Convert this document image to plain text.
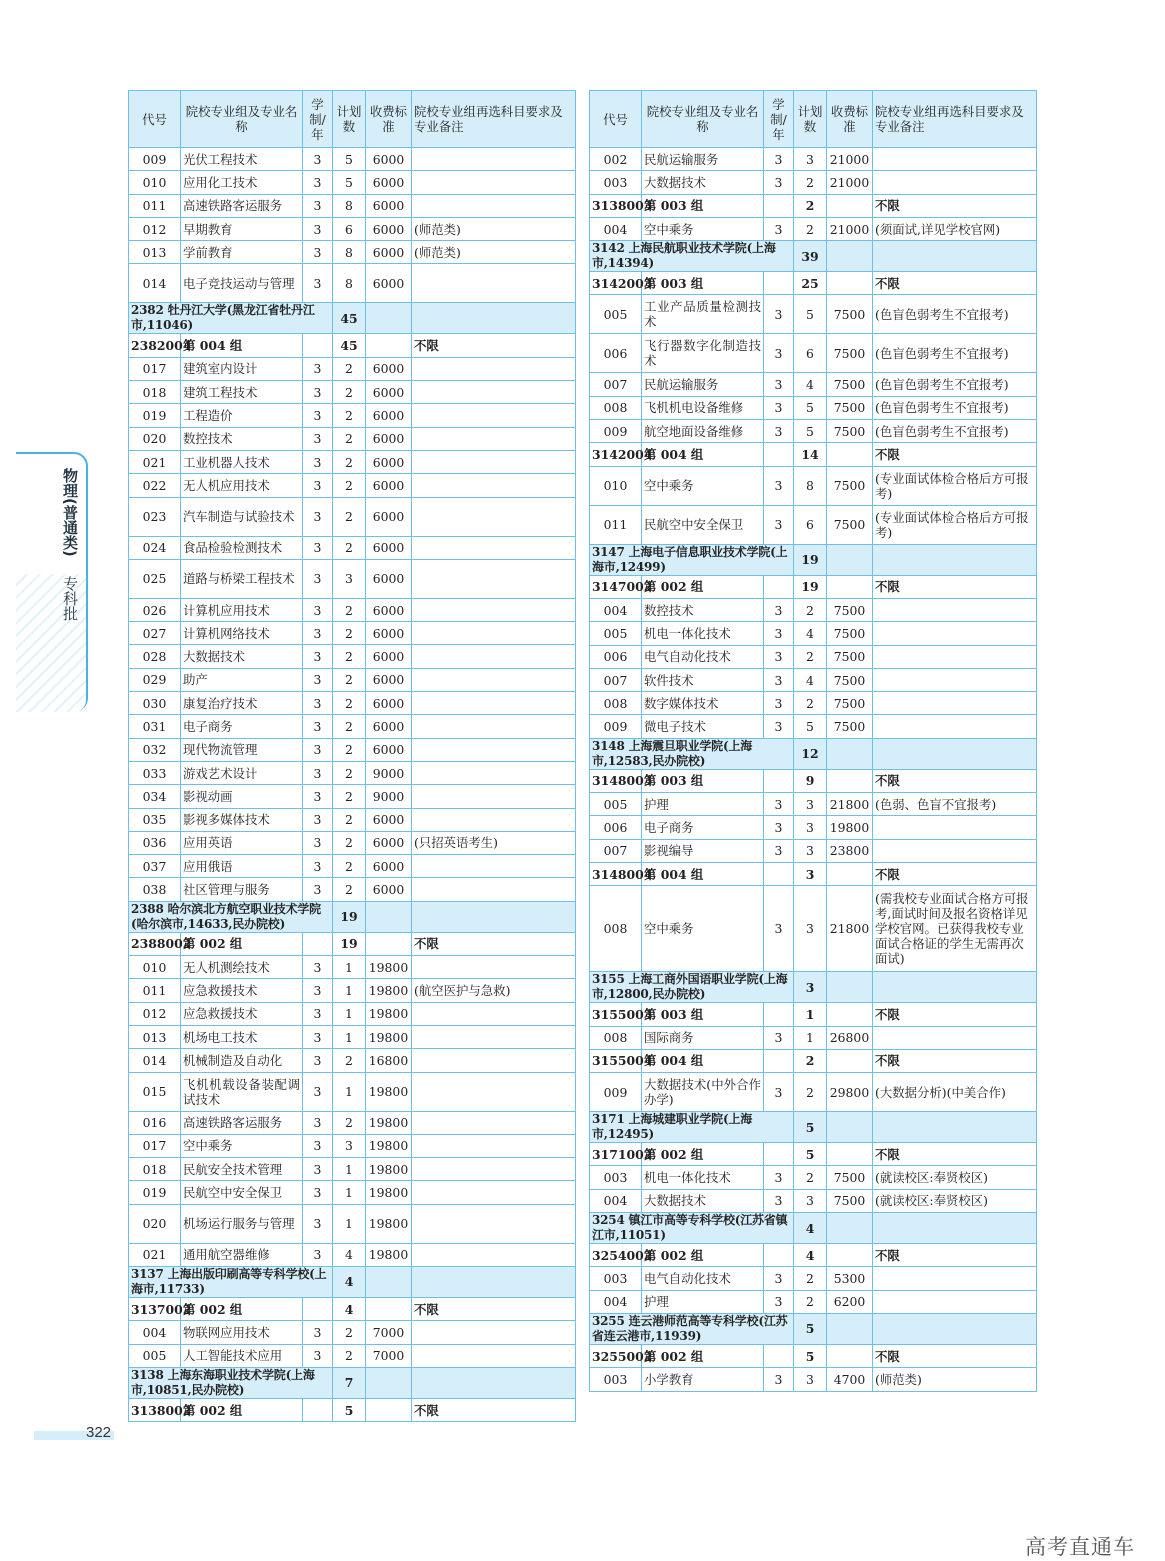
物理(普通类)
专科批
代号	院校专业组及专业名称	学制/年	计划数	收费标准	院校专业组再选科目要求及专业备注
009	光伏工程技术	3	5	6000	
010	应用化工技术	3	5	6000	
011	高速铁路客运服务	3	8	6000	
012	早期教育	3	6	6000	(师范类)
013	学前教育	3	8	6000	(师范类)
014	电子竞技运动与管理	3	8	6000	
2382 牡丹江大学(黑龙江省牡丹江市,11046)			45		
2382004	第 004 组		45		不限
017	建筑室内设计	3	2	6000	
018	建筑工程技术	3	2	6000	
019	工程造价	3	2	6000	
020	数控技术	3	2	6000	
021	工业机器人技术	3	2	6000	
022	无人机应用技术	3	2	6000	
023	汽车制造与试验技术	3	2	6000	
024	食品检验检测技术	3	2	6000	
025	道路与桥梁工程技术	3	3	6000	
026	计算机应用技术	3	2	6000	
027	计算机网络技术	3	2	6000	
028	大数据技术	3	2	6000	
029	助产	3	2	6000	
030	康复治疗技术	3	2	6000	
031	电子商务	3	2	6000	
032	现代物流管理	3	2	6000	
033	游戏艺术设计	3	2	9000	
034	影视动画	3	2	9000	
035	影视多媒体技术	3	2	6000	
036	应用英语	3	2	6000	(只招英语考生)
037	应用俄语	3	2	6000	
038	社区管理与服务	3	2	6000	
2388 哈尔滨北方航空职业技术学院(哈尔滨市,14633,民办院校)			19		
2388002	第 002 组		19		不限
010	无人机测绘技术	3	1	19800	
011	应急救援技术	3	1	19800	(航空医护与急救)
012	应急救援技术	3	1	19800	
013	机场电工技术	3	1	19800	
014	机械制造及自动化	3	2	16800	
015	飞机机载设备装配调试技术	3	1	19800	
016	高速铁路客运服务	3	2	19800	
017	空中乘务	3	3	19800	
018	民航安全技术管理	3	1	19800	
019	民航空中安全保卫	3	1	19800	
020	机场运行服务与管理	3	1	19800	
021	通用航空器维修	3	4	19800	
3137 上海出版印刷高等专科学校(上海市,11733)			4		
3137002	第 002 组		4		不限
004	物联网应用技术	3	2	7000	
005	人工智能技术应用	3	2	7000	
3138 上海东海职业技术学院(上海市,10851,民办院校)			7		
3138002	第 002 组		5		不限
代号	院校专业组及专业名称	学制/年	计划数	收费标准	院校专业组再选科目要求及专业备注
002	民航运输服务	3	3	21000	
003	大数据技术	3	2	21000	
3138003	第 003 组		2		不限
004	空中乘务	3	2	21000	(须面试,详见学校官网)
3142 上海民航职业技术学院(上海市,14394)			39		
3142003	第 003 组		25		不限
005	工业产品质量检测技术	3	5	7500	(色盲色弱考生不宜报考)
006	飞行器数字化制造技术	3	6	7500	(色盲色弱考生不宜报考)
007	民航运输服务	3	4	7500	(色盲色弱考生不宜报考)
008	飞机机电设备维修	3	5	7500	(色盲色弱考生不宜报考)
009	航空地面设备维修	3	5	7500	(色盲色弱考生不宜报考)
3142004	第 004 组		14		不限
010	空中乘务	3	8	7500	(专业面试体检合格后方可报考)
011	民航空中安全保卫	3	6	7500	(专业面试体检合格后方可报考)
3147 上海电子信息职业技术学院(上海市,12499)			19		
3147002	第 002 组		19		不限
004	数控技术	3	2	7500	
005	机电一体化技术	3	4	7500	
006	电气自动化技术	3	2	7500	
007	软件技术	3	4	7500	
008	数字媒体技术	3	2	7500	
009	微电子技术	3	5	7500	
3148 上海震旦职业学院(上海市,12583,民办院校)			12		
3148003	第 003 组		9		不限
005	护理	3	3	21800	(色弱、色盲不宜报考)
006	电子商务	3	3	19800	
007	影视编导	3	3	23800	
3148004	第 004 组		3		不限
008	空中乘务	3	3	21800	(需我校专业面试合格方可报考,面试时间及报名资格详见学校官网。已获得我校专业面试合格证的学生无需再次面试)
3155 上海工商外国语职业学院(上海市,12800,民办院校)			3		
3155003	第 003 组		1		不限
008	国际商务	3	1	26800	
3155004	第 004 组		2		不限
009	大数据技术(中外合作办学)	3	2	29800	(大数据分析)(中美合作)
3171 上海城建职业学院(上海市,12495)			5		
3171002	第 002 组		5		不限
003	机电一体化技术	3	2	7500	(就读校区:奉贤校区)
004	大数据技术	3	3	7500	(就读校区:奉贤校区)
3254 镇江市高等专科学校(江苏省镇江市,11051)			4		
3254002	第 002 组		4		不限
003	电气自动化技术	3	2	5300	
004	护理	3	2	6200	
3255 连云港师范高等专科学校(江苏省连云港市,11939)			5		
3255002	第 002 组		5		不限
003	小学教育	3	3	4700	(师范类)
322
高考直通车
